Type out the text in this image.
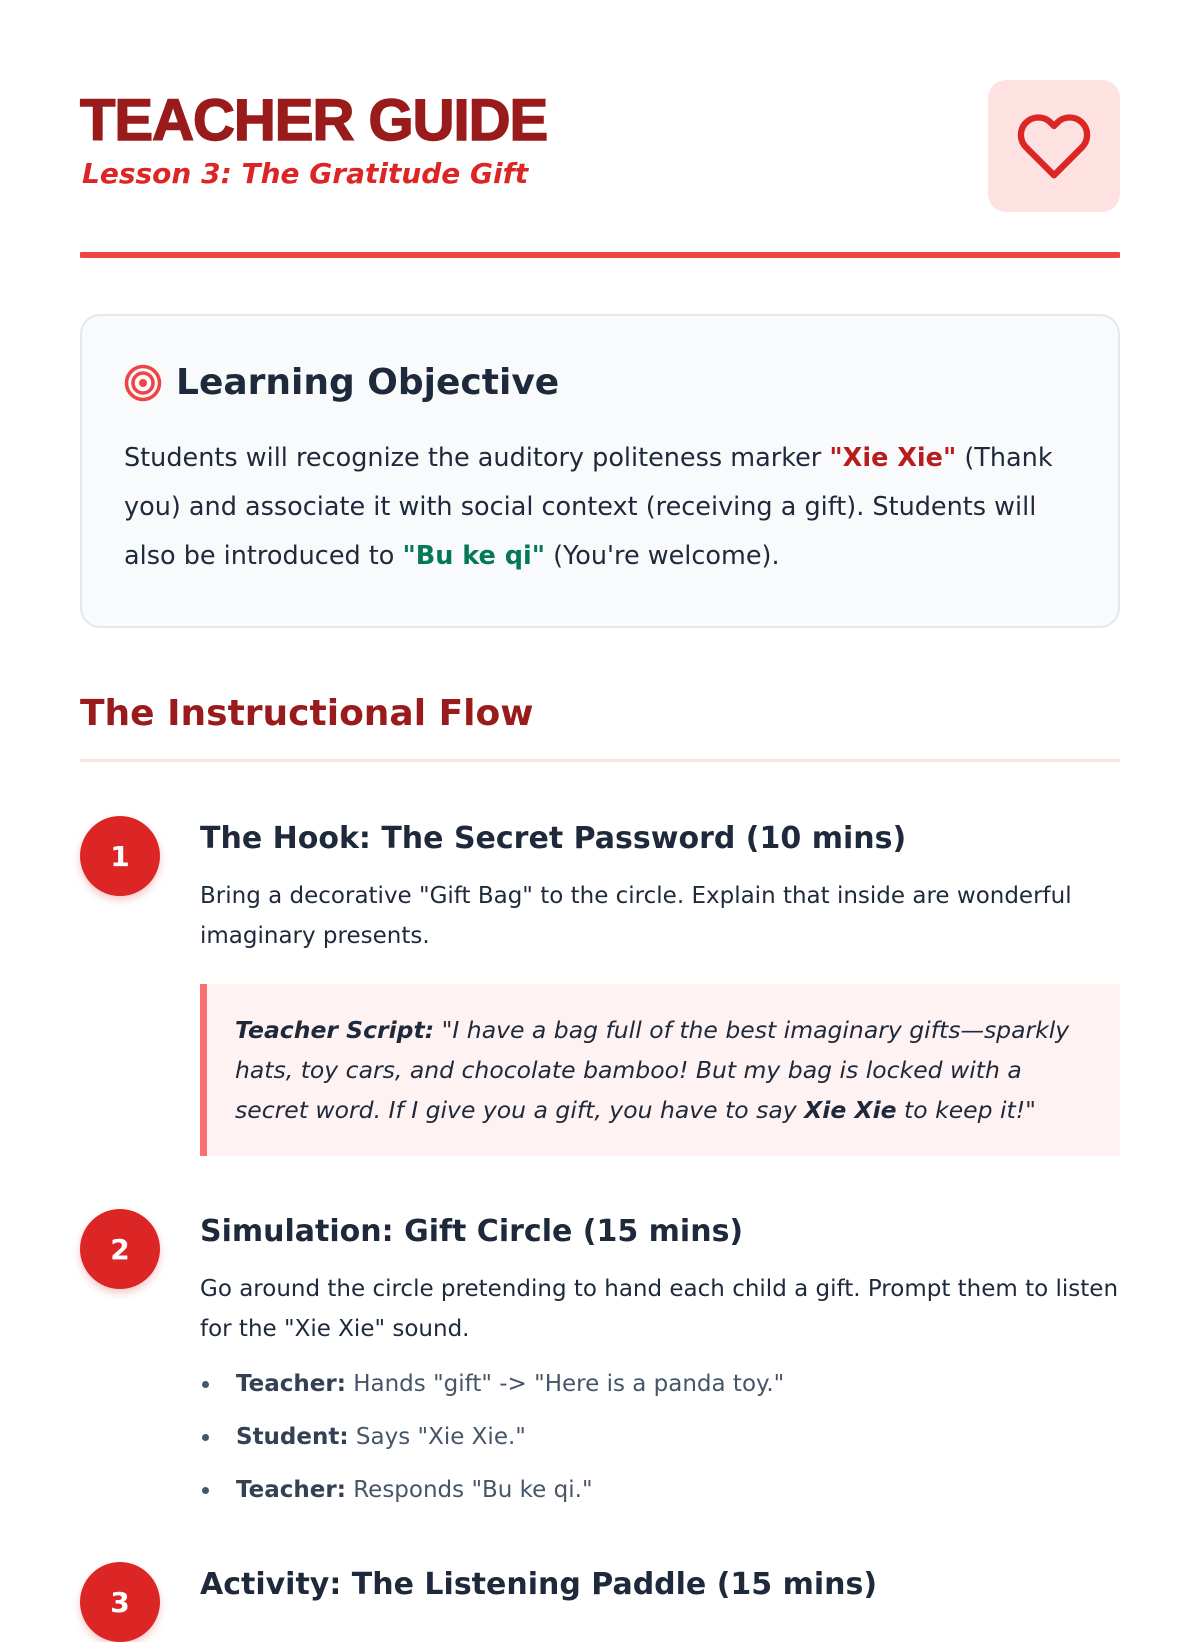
TEACHER GUIDE
Lesson 3: The Gratitude Gift
Learning Objective
Students will recognize the auditory politeness marker "Xie Xie" (Thank you) and associate it with social context (receiving a gift). Students will also be introduced to "Bu ke qi" (You're welcome).
The Instructional Flow
1	The Hook: The Secret Password (10 mins)
Bring a decorative "Gift Bag" to the circle. Explain that inside are wonderful imaginary presents.
Teacher Script: "I have a bag full of the best imaginary gifts—sparkly hats, toy cars, and chocolate bamboo! But my bag is locked with a secret word. If I give you a gift, you have to say Xie Xie to keep it!"
2	Simulation: Gift Circle (15 mins)
Go around the circle pretending to hand each child a gift. Prompt them to listen for the "Xie Xie" sound.
Teacher: Hands "gift" -> "Here is a panda toy."
Student: Says "Xie Xie."
Teacher: Responds "Bu ke qi."
3	Activity: The Listening Paddle (15 mins)
